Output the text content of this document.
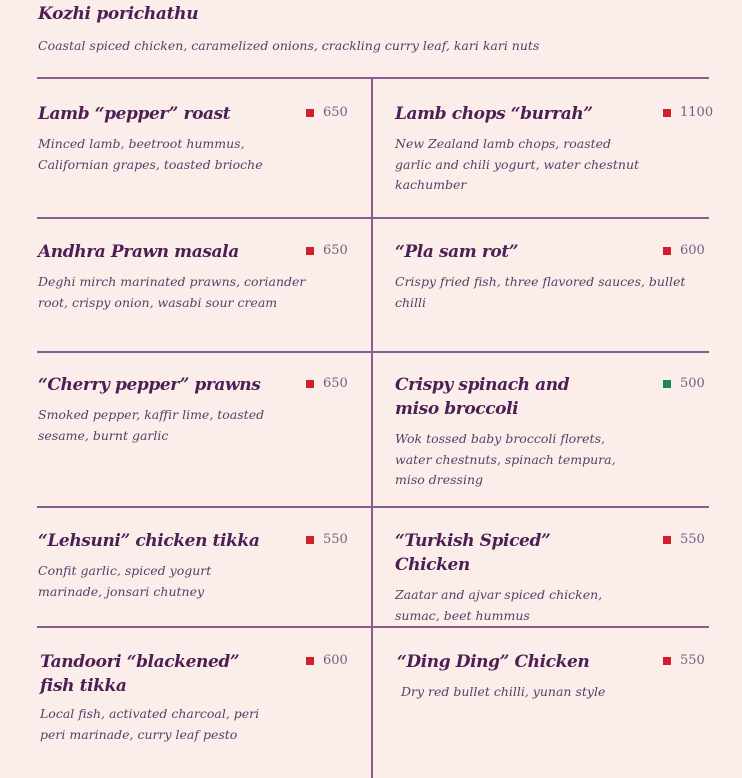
Kozhi porichathu
Coastal spiced chicken, caramelized onions, crackling curry leaf, kari kari nuts
Lamb “pepper” roast	650
Minced lamb, beetroot hummus, Californian grapes, toasted brioche
Lamb chops “burrah”	1100
New Zealand lamb chops, roasted garlic and chili yogurt, water chestnut kachumber
Andhra Prawn masala	650
Deghi mirch marinated prawns, coriander root, crispy onion, wasabi sour cream
“Pla sam rot”	600
Crispy fried fish, three flavored sauces, bullet chilli
“Cherry pepper” prawns	650
Smoked pepper, kaffir lime, toasted sesame, burnt garlic
Crispy spinach and miso broccoli
500
Wok tossed baby broccoli florets, water chestnuts, spinach tempura, miso dressing
“Lehsuni” chicken tikka	550
Confit garlic, spiced yogurt marinade, jonsari chutney
“Turkish Spiced” Chicken
550
Zaatar and ajvar spiced chicken, sumac, beet hummus
Tandoori “blackened” fish tikka
600
Local fish, activated charcoal, peri peri marinade, curry leaf pesto
“Ding Ding” Chicken	550
Dry red bullet chilli, yunan style
